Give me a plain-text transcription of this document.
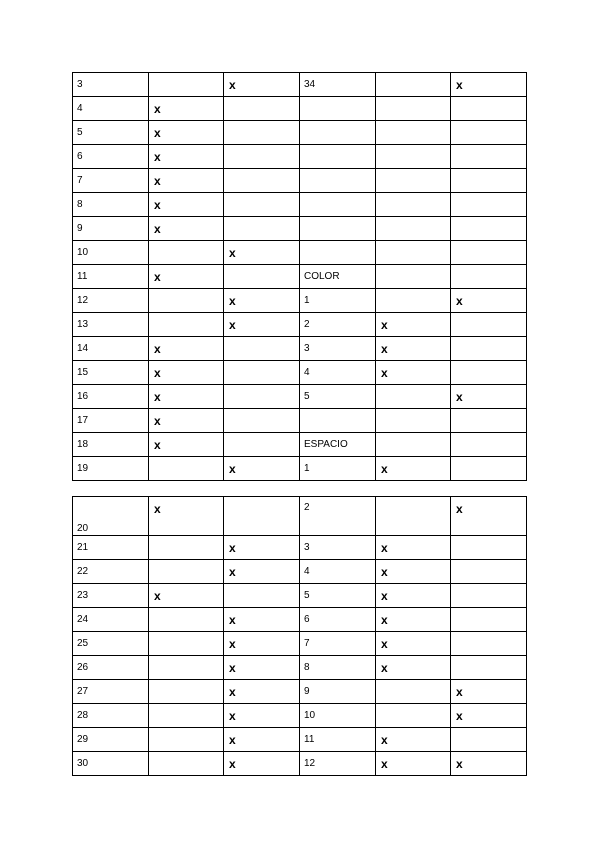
3		x	34		x
4	x				
5	x				
6	x				
7	x				
8	x				
9	x				
10		x			
11	x		COLOR		
12		x	1		x
13		x	2	x	
14	x		3	x	
15	x		4	x	
16	x		5		x
17	x				
18	x		ESPACIO		
19		x	1	x	
20	x		2		x
21		x	3	x	
22		x	4	x	
23	x		5	x	
24		x	6	x	
25		x	7	x	
26		x	8	x	
27		x	9		x
28		x	10		x
29		x	11	x	
30		x	12	x	x
